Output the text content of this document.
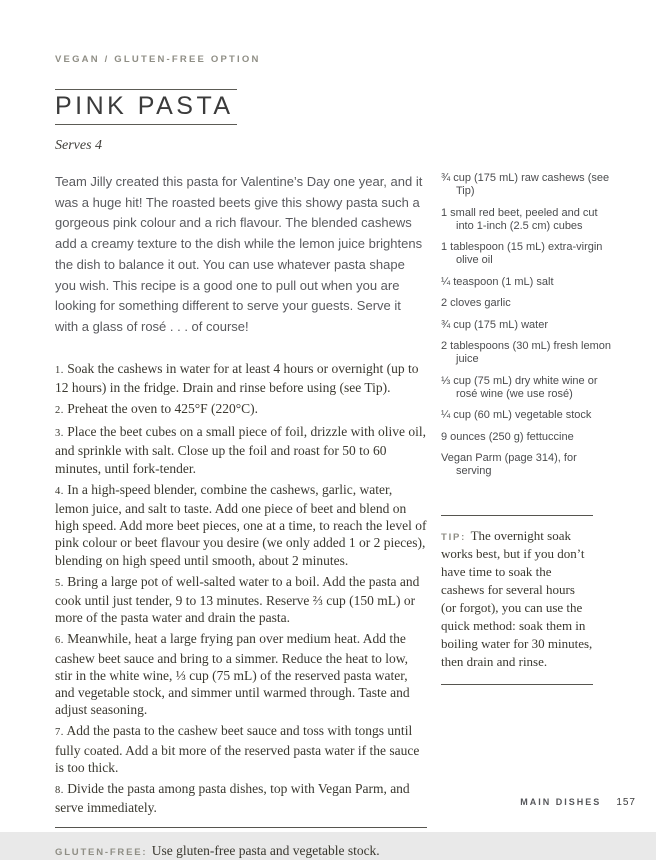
VEGAN / GLUTEN-FREE OPTION
PINK PASTA
Serves 4

Team Jilly created this pasta for Valentine’s Day one year, and it was a huge hit! The roasted beets give this showy pasta such a gorgeous pink colour and a rich flavour. The blended cashews add a creamy texture to the dish while the lemon juice brightens the dish to balance it out. You can use whatever pasta shape you wish. This recipe is a good one to pull out when you are looking for something different to serve your guests. Serve it with a glass of rosé . . . of course!

1. Soak the cashews in water for at least 4 hours or overnight (up to 12 hours) in the fridge. Drain and rinse before using (see Tip).

2. Preheat the oven to 425°F (220°C).

3. Place the beet cubes on a small piece of foil, drizzle with olive oil, and sprinkle with salt. Close up the foil and roast for 50 to 60 minutes, until fork-tender.

4. In a high-speed blender, combine the cashews, garlic, water, lemon juice, and salt to taste. Add one piece of beet and blend on high speed. Add more beet pieces, one at a time, to reach the level of pink colour or beet flavour you desire (we only added 1 or 2 pieces), blending on high speed until smooth, about 2 minutes.

5. Bring a large pot of well-salted water to a boil. Add the pasta and cook until just tender, 9 to 13 minutes. Reserve ⅔ cup (150 mL) or more of the pasta water and drain the pasta.

6. Meanwhile, heat a large frying pan over medium heat. Add the cashew beet sauce and bring to a simmer. Reduce the heat to low, stir in the white wine, ⅓ cup (75 mL) of the reserved pasta water, and vegetable stock, and simmer until warmed through. Taste and adjust seasoning.

7. Add the pasta to the cashew beet sauce and toss with tongs until fully coated. Add a bit more of the reserved pasta water if the sauce is too thick.

8. Divide the pasta among pasta dishes, top with Vegan Parm, and serve immediately.

GLUTEN-FREE: Use gluten-free pasta and vegetable stock.

¾ cup (175 mL) raw cashews (see Tip)

1 small red beet, peeled and cut into 1-inch (2.5 cm) cubes

1 tablespoon (15 mL) extra-virgin olive oil

¼ teaspoon (1 mL) salt

2 cloves garlic

¾ cup (175 mL) water

2 tablespoons (30 mL) fresh lemon juice

⅓ cup (75 mL) dry white wine or rosé wine (we use rosé)

¼ cup (60 mL) vegetable stock

9 ounces (250 g) fettuccine

Vegan Parm (page 314), for serving

TIP: The overnight soak works best, but if you don’t have time to soak the cashews for several hours (or forgot), you can use the quick method: soak them in boiling water for 30 minutes, then drain and rinse.
MAIN DISHES 157
